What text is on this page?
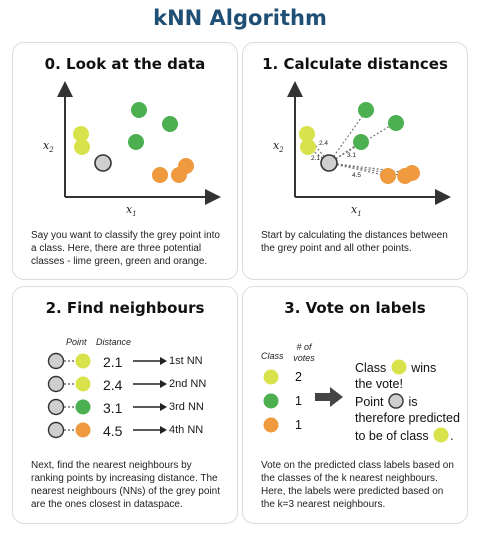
kNN Algorithm
0. Look at the data
$x_2$
$x_1$
Say you want to classify the grey point into a class. Here, there are three potential classes - lime green, green and orange.
1. Calculate distances
$x_2$
$x_1$
2.1
2.4
3.1
4.5
Start by calculating the distances between the grey point and all other points.
2. Find neighbours
Point Distance
2.1	1st NN
2.4	2nd NN
3.1	3rd NN
4.5	4th NN
Next, find the nearest neighbours by ranking points by increasing distance. The nearest neighbours (NNs) of the grey point are the ones closest in dataspace.
3. Vote on labels
Class
# of
votes
2
1
1
Class wins
the vote!
Point is
therefore predicted
to be of class .
Vote on the predicted class labels based on the classes of the k nearest neighbours. Here, the labels were predicted based on the k=3 nearest neighbours.
